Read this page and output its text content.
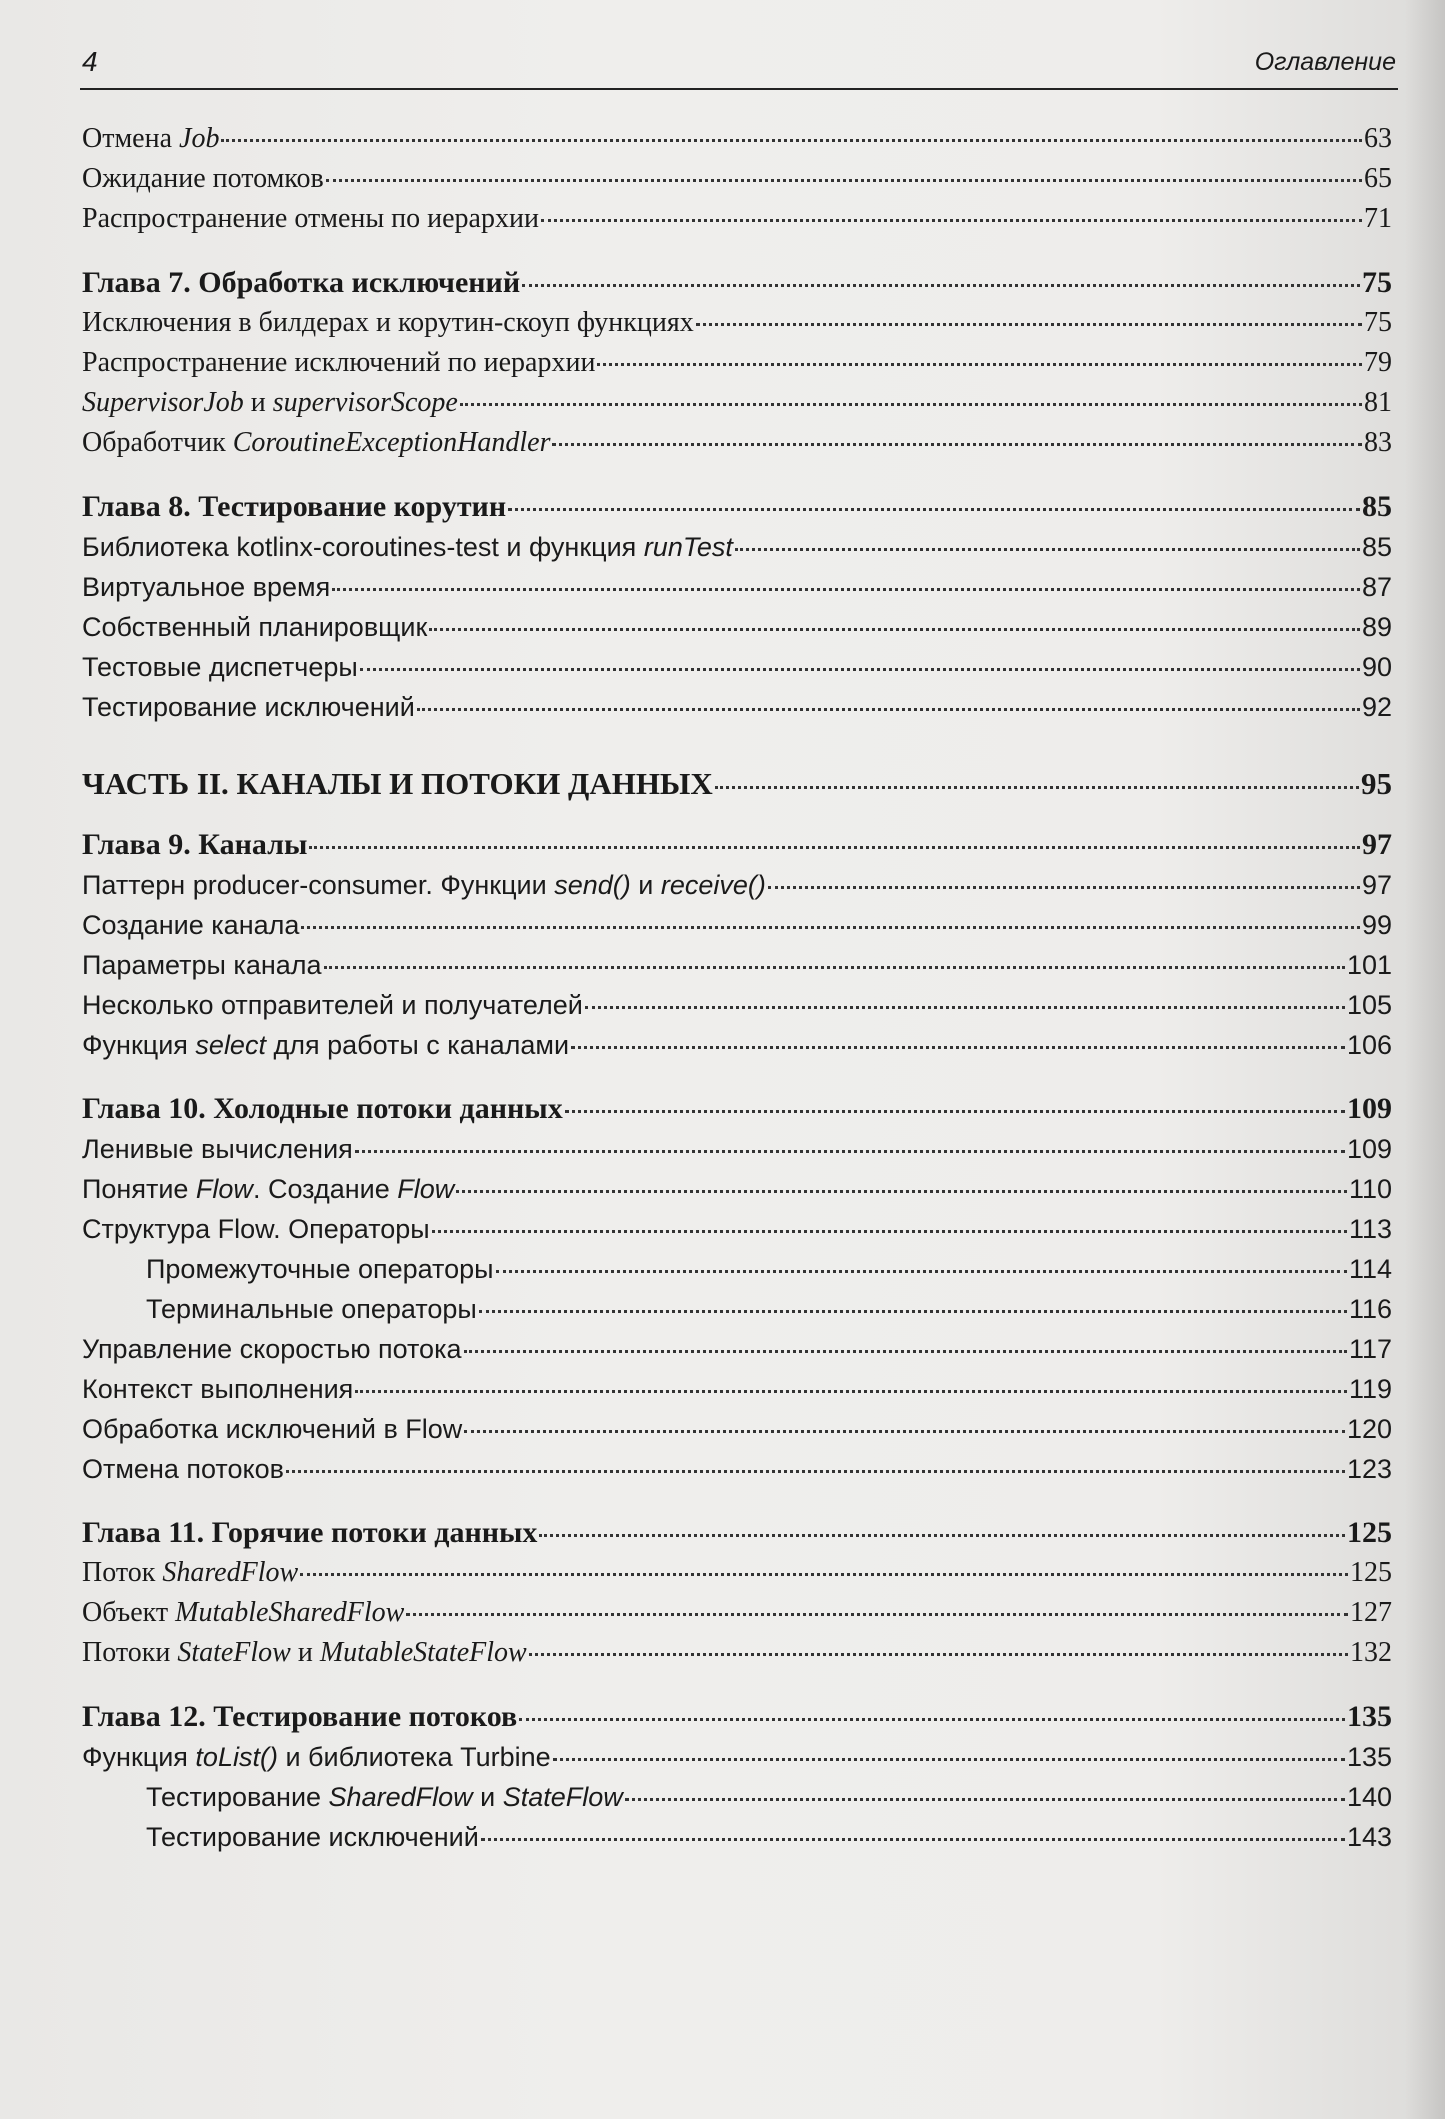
4	Оглавление
Отмена Job	63
Ожидание потомков	65
Распространение отмены по иерархии	71
Глава 7. Обработка исключений	75
Исключения в билдерах и корутин-скоуп функциях	75
Распространение исключений по иерархии	79
SupervisorJob и supervisorScope	81
Обработчик CoroutineExceptionHandler	83
Глава 8. Тестирование корутин	85
Библиотека kotlinx-coroutines-test и функция runTest	85
Виртуальное время	87
Собственный планировщик	89
Тестовые диспетчеры	90
Тестирование исключений	92
ЧАСТЬ II. КАНАЛЫ И ПОТОКИ ДАННЫХ	95
Глава 9. Каналы	97
Паттерн producer-consumer. Функции send() и receive()	97
Создание канала	99
Параметры канала	101
Несколько отправителей и получателей	105
Функция select для работы с каналами	106
Глава 10. Холодные потоки данных	109
Ленивые вычисления	109
Понятие Flow. Создание Flow	110
Структура Flow. Операторы	113
Промежуточные операторы	114
Терминальные операторы	116
Управление скоростью потока	117
Контекст выполнения	119
Обработка исключений в Flow	120
Отмена потоков	123
Глава 11. Горячие потоки данных	125
Поток SharedFlow	125
Объект MutableSharedFlow	127
Потоки StateFlow и MutableStateFlow	132
Глава 12. Тестирование потоков	135
Функция toList() и библиотека Turbine	135
Тестирование SharedFlow и StateFlow	140
Тестирование исключений	143
